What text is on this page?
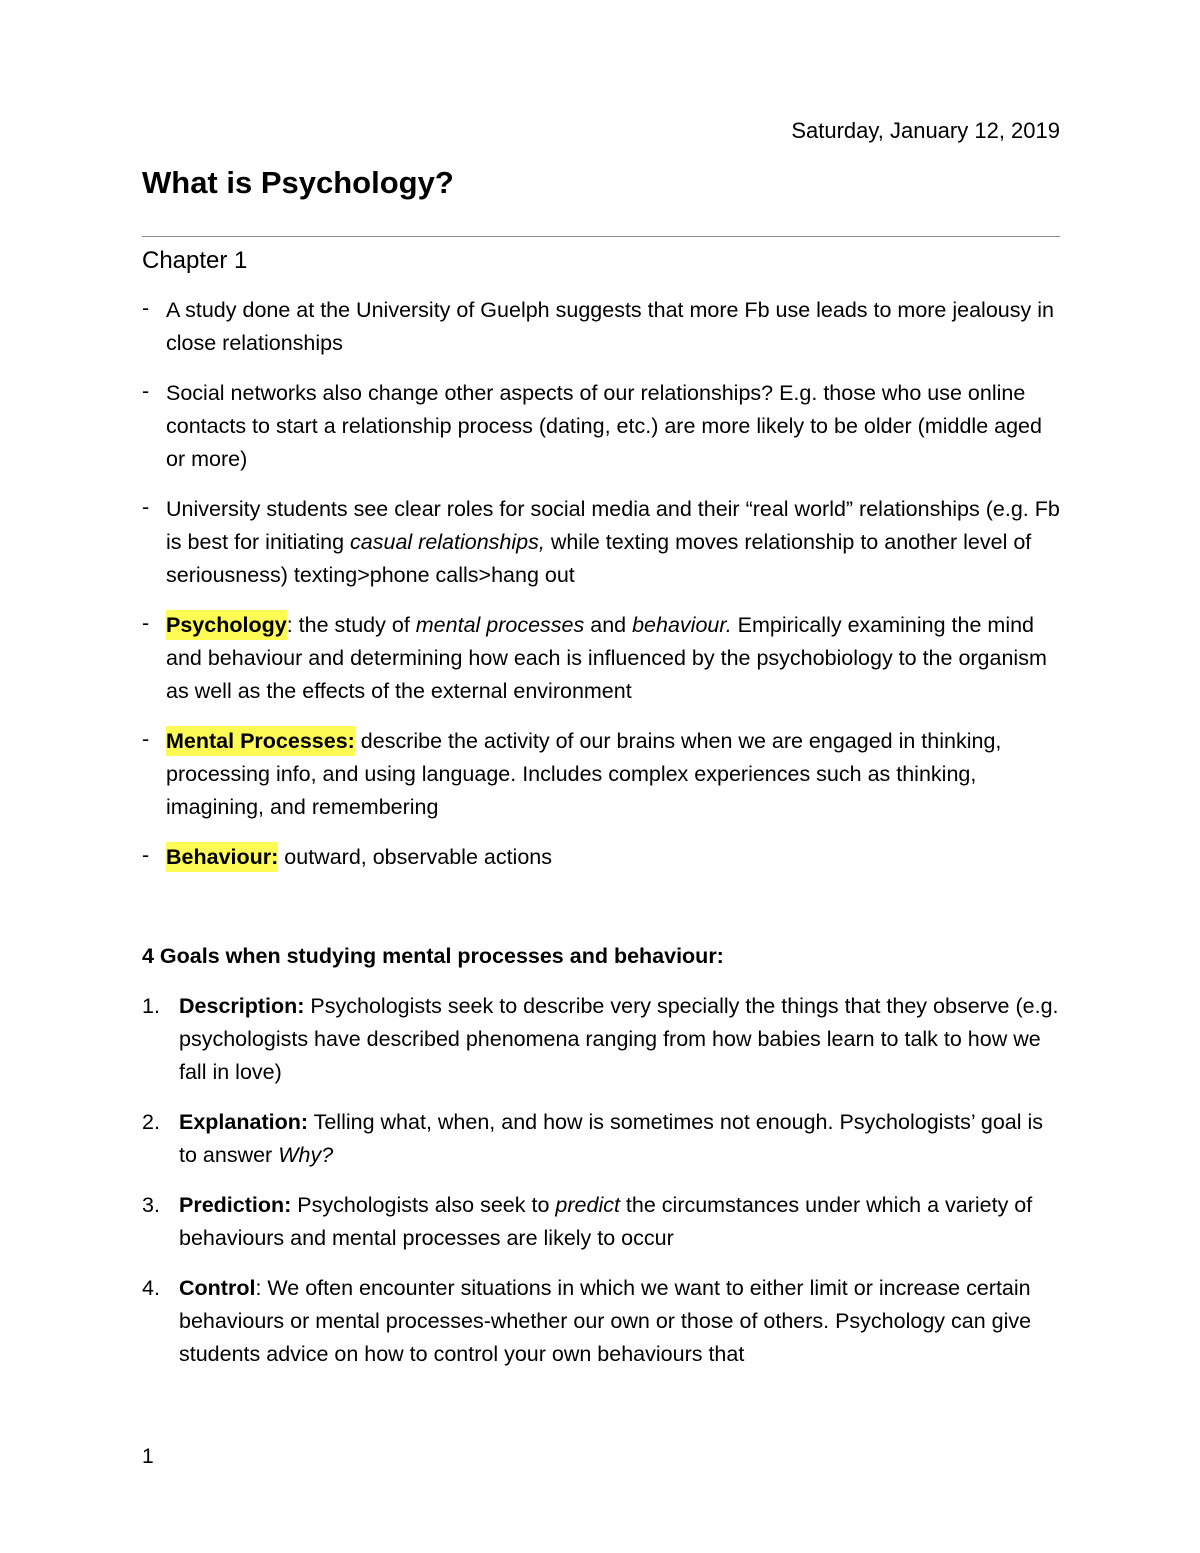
Saturday, January 12, 2019
What is Psychology?
Chapter 1
- A study done at the University of Guelph suggests that more Fb use leads to more jealousy in close relationships
- Social networks also change other aspects of our relationships? E.g. those who use online contacts to start a relationship process (dating, etc.) are more likely to be older (middle aged or more)
- University students see clear roles for social media and their “real world” relationships (e.g. Fb is best for initiating casual relationships, while texting moves relationship to another level of seriousness) texting>phone calls>hang out
- Psychology: the study of mental processes and behaviour. Empirically examining the mind and behaviour and determining how each is influenced by the psychobiology to the organism as well as the effects of the external environment
- Mental Processes: describe the activity of our brains when we are engaged in thinking, processing info, and using language. Includes complex experiences such as thinking, imagining, and remembering
- Behaviour: outward, observable actions
4 Goals when studying mental processes and behaviour:
1. Description: Psychologists seek to describe very specially the things that they observe (e.g. psychologists have described phenomena ranging from how babies learn to talk to how we fall in love)
2. Explanation: Telling what, when, and how is sometimes not enough. Psychologists’ goal is to answer Why?
3. Prediction: Psychologists also seek to predict the circumstances under which a variety of behaviours and mental processes are likely to occur
4. Control: We often encounter situations in which we want to either limit or increase certain behaviours or mental processes-whether our own or those of others. Psychology can give students advice on how to control your own behaviours that
1
